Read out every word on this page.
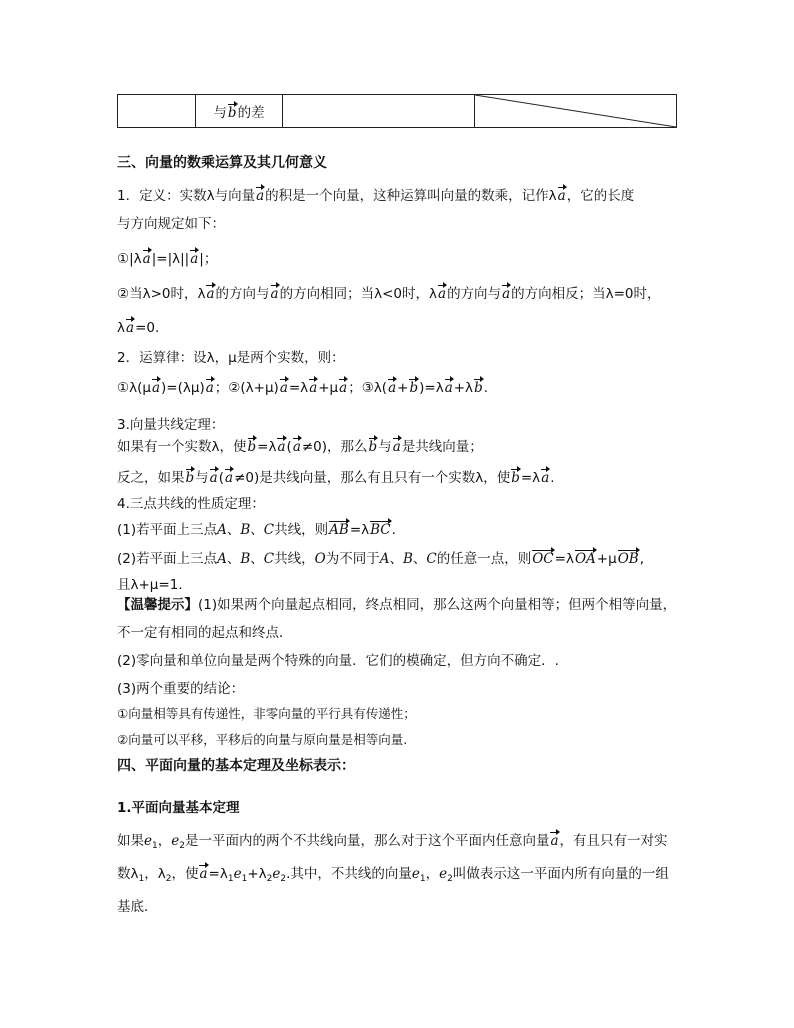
与b的差
三、向量的数乘运算及其几何意义
1．定义：实数λ与向量a的积是一个向量，这种运算叫向量的数乘，记作λa，它的长度
与方向规定如下：
①|λa|=|λ||a|；
②当λ>0时，λa的方向与a的方向相同；当λ<0时，λa的方向与a的方向相反；当λ=0时，
λa=0.
2．运算律：设λ，μ是两个实数，则：
①λ(μa)=(λμ)a；②(λ+μ)a=λa+μa；③λ(a+b)=λa+λb.
3.向量共线定理：
如果有一个实数λ，使b=λa(a≠0)，那么b与a是共线向量；
反之，如果b与a(a≠0)是共线向量，那么有且只有一个实数λ，使b=λa.
4.三点共线的性质定理：
(1)若平面上三点A、B、C共线，则AB=λBC.
(2)若平面上三点A、B、C共线，O为不同于A、B、C的任意一点，则OC=λOA+μOB,
且λ+μ=1.
【温馨提示】(1)如果两个向量起点相同，终点相同，那么这两个向量相等；但两个相等向量，
不一定有相同的起点和终点．
(2)零向量和单位向量是两个特殊的向量．它们的模确定，但方向不确定．.
(3)两个重要的结论：
①向量相等具有传递性，非零向量的平行具有传递性；
②向量可以平移，平移后的向量与原向量是相等向量.
四、平面向量的基本定理及坐标表示：
1.平面向量基本定理
如果$e_1$，$e_2$是一平面内的两个不共线向量，那么对于这个平面内任意向量a，有且只有一对实
数$\lambda_1$，$\lambda_2$，使$a=\lambda_1e_1+\lambda_2e_2$.其中，不共线的向量$e_1$，$e_2$叫做表示这一平面内所有向量的一组
基底．
